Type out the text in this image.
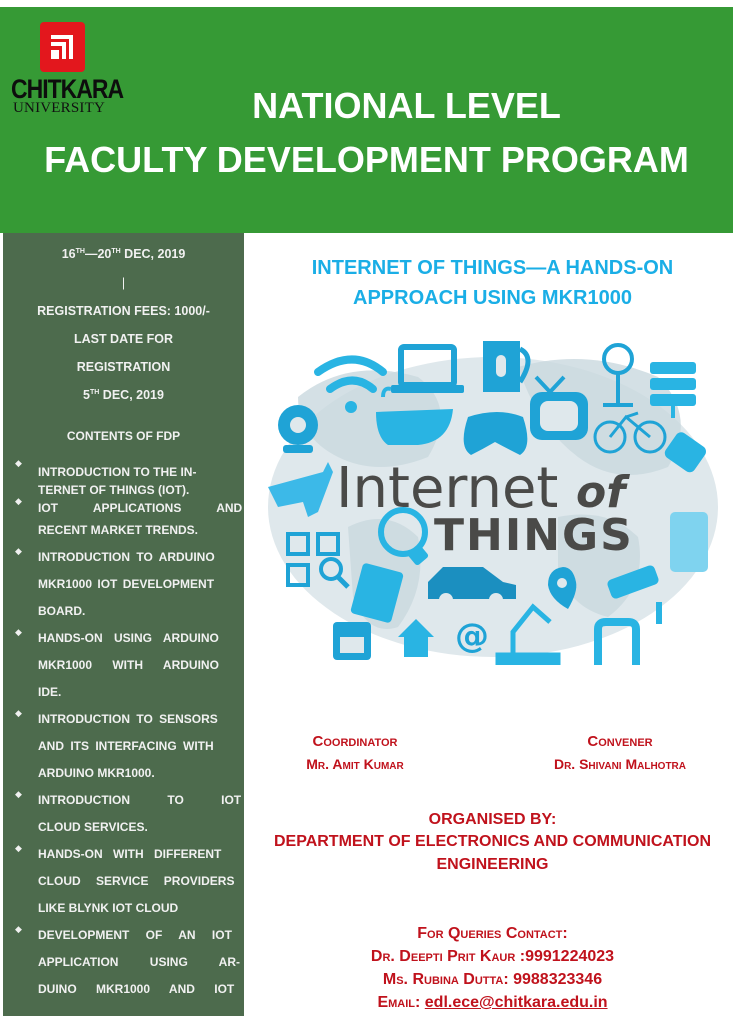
CHITKARA
UNIVERSITY	NATIONAL LEVEL
FACULTY DEVELOPMENT PROGRAM
16TH—20TH DEC, 2019
|
REGISTRATION FEES: 1000/-
LAST DATE FOR
REGISTRATION
5TH DEC, 2019
CONTENTS OF FDP
◆
INTRODUCTION TO THE IN-
TERNET OF THINGS (IOT).
◆ IOT APPLICATIONS AND
RECENT MARKET TRENDS.
◆ INTRODUCTION TO ARDUINO
MKR1000 IOT DEVELOPMENT
BOARD.
◆ HANDS-ON USING ARDUINO
MKR1000 WITH ARDUINO
IDE.
◆ INTRODUCTION TO SENSORS
AND ITS INTERFACING WITH
ARDUINO MKR1000.
◆ INTRODUCTION TO IOT
CLOUD SERVICES.
◆ HANDS-ON WITH DIFFERENT
CLOUD SERVICE PROVIDERS
LIKE BLYNK IOT CLOUD
◆ DEVELOPMENT OF AN IOT
APPLICATION USING AR-
DUINO MKR1000 AND IOT
INTERNET OF THINGS—A HANDS-ON
APPROACH USING MKR1000
Internet of
THINGS
@
Coordinator
Mr. Amit Kumar
Convener
Dr. Shivani Malhotra
ORGANISED BY:
DEPARTMENT OF ELECTRONICS AND COMMUNICATION
ENGINEERING
For Queries Contact:
Dr. Deepti Prit Kaur :9991224023
Ms. Rubina Dutta: 9988323346
Email: edl.ece@chitkara.edu.in
